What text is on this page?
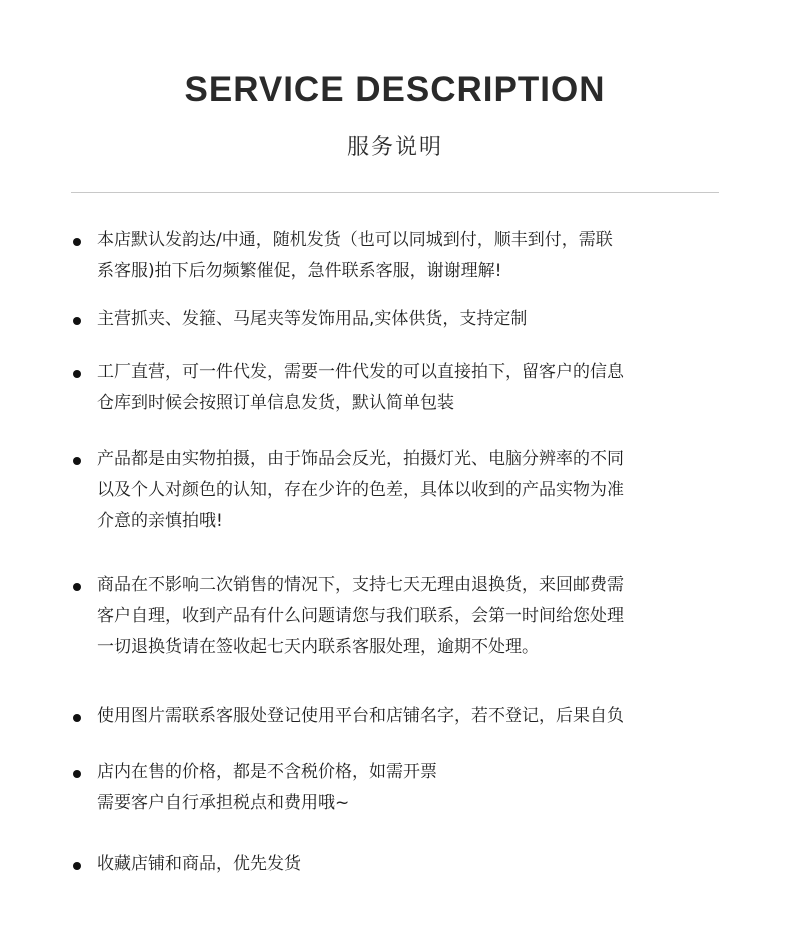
SERVICE DESCRIPTION
服务说明
本店默认发韵达/中通，随机发货（也可以同城到付，顺丰到付，需联
系客服)拍下后勿频繁催促，急件联系客服，谢谢理解!
主营抓夹、发箍、马尾夹等发饰用品,实体供货，支持定制
工厂直营，可一件代发，需要一件代发的可以直接拍下，留客户的信息
仓库到时候会按照订单信息发货，默认简单包装
产品都是由实物拍摄，由于饰品会反光，拍摄灯光、电脑分辨率的不同
以及个人对颜色的认知，存在少许的色差，具体以收到的产品实物为准
介意的亲慎拍哦!
商品在不影响二次销售的情况下，支持七天无理由退换货，来回邮费需
客户自理，收到产品有什么问题请您与我们联系，会第一时间给您处理
一切退换货请在签收起七天内联系客服处理，逾期不处理。
使用图片需联系客服处登记使用平台和店铺名字，若不登记，后果自负
店内在售的价格，都是不含税价格，如需开票
需要客户自行承担税点和费用哦~
收藏店铺和商品，优先发货
